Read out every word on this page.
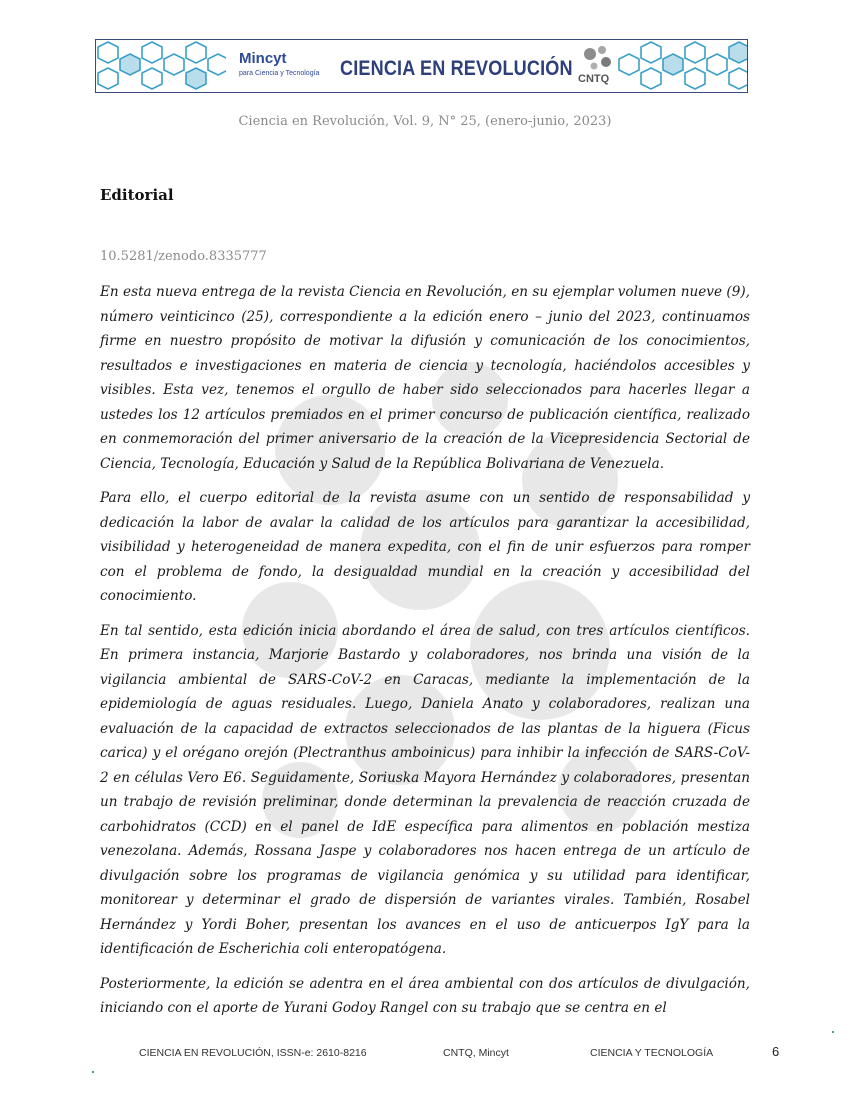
Mincyt
para Ciencia y Tecnología CIENCIA EN REVOLUCIÓN CNTQ
Ciencia en Revolución, Vol. 9, N° 25, (enero-junio, 2023)
Editorial
10.5281/zenodo.8335777

En esta nueva entrega de la revista Ciencia en Revolución, en su ejemplar volumen nueve (9), número veinticinco (25), correspondiente a la edición enero – junio del 2023, continuamos firme en nuestro propósito de motivar la difusión y comunicación de los conocimientos, resultados e investigaciones en materia de ciencia y tecnología, haciéndolos accesibles y visibles. Esta vez, tenemos el orgullo de haber sido seleccionados para hacerles llegar a ustedes los 12 artículos premiados en el primer concurso de publicación científica, realizado en conmemoración del primer aniversario de la creación de la Vicepresidencia Sectorial de Ciencia, Tecnología, Educación y Salud de la República Bolivariana de Venezuela.

Para ello, el cuerpo editorial de la revista asume con un sentido de responsabilidad y dedicación la labor de avalar la calidad de los artículos para garantizar la accesibilidad, visibilidad y heterogeneidad de manera expedita, con el fin de unir esfuerzos para romper con el problema de fondo, la desigualdad mundial en la creación y accesibilidad del conocimiento.

En tal sentido, esta edición inicia abordando el área de salud, con tres artículos científicos. En primera instancia, Marjorie Bastardo y colaboradores, nos brinda una visión de la vigilancia ambiental de SARS-CoV-2 en Caracas, mediante la implementación de la epidemiología de aguas residuales. Luego, Daniela Anato y colaboradores, realizan una evaluación de la capacidad de extractos seleccionados de las plantas de la higuera (Ficus carica) y el orégano orejón (Plectranthus amboinicus) para inhibir la infección de SARS-CoV-2 en células Vero E6. Seguidamente, Soriuska Mayora Hernández y colaboradores, presentan un trabajo de revisión preliminar, donde determinan la prevalencia de reacción cruzada de carbohidratos (CCD) en el panel de IdE específica para alimentos en población mestiza venezolana. Además, Rossana Jaspe y colaboradores nos hacen entrega de un artículo de divulgación sobre los programas de vigilancia genómica y su utilidad para identificar, monitorear y determinar el grado de dispersión de variantes virales. También, Rosabel Hernández y Yordi Boher, presentan los avances en el uso de anticuerpos IgY para la identificación de Escherichia coli enteropatógena.

Posteriormente, la edición se adentra en el área ambiental con dos artículos de divulgación, iniciando con el aporte de Yurani Godoy Rangel con su trabajo que se centra en el

CIENCIA EN REVOLUCIÓN, ISSN-e: 2610-8216	CNTQ, Mincyt	CIENCIA Y TECNOLOGÍA	6
